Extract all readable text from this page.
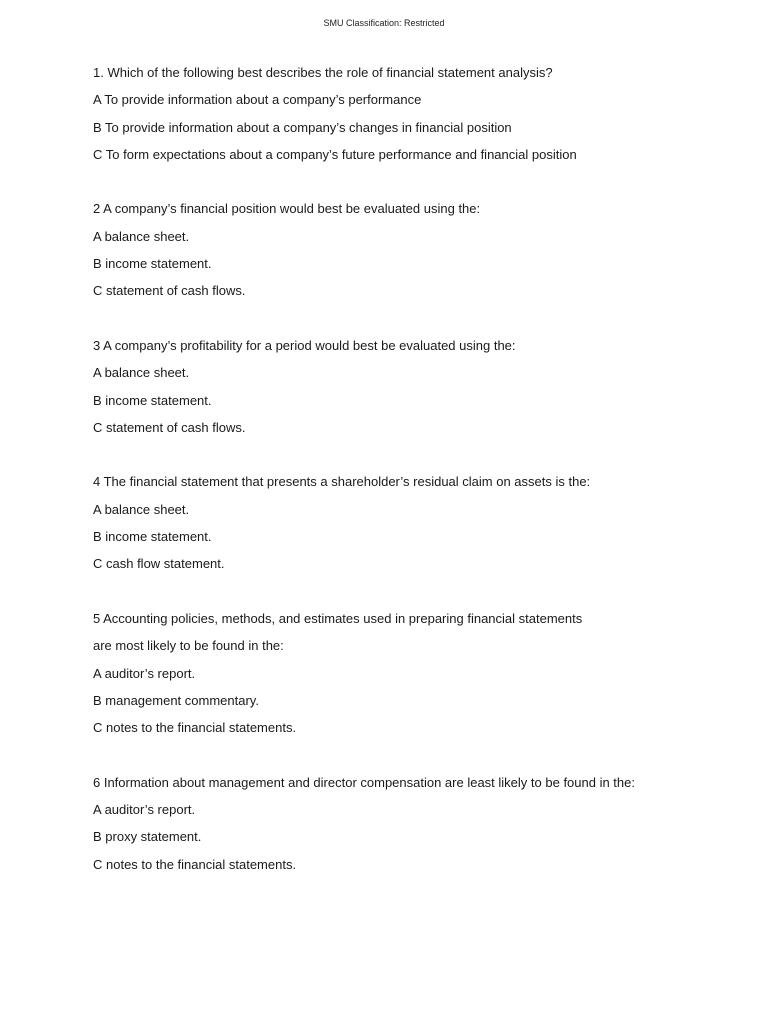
SMU Classification: Restricted
1. Which of the following best describes the role of financial statement analysis?
A To provide information about a company’s performance
B To provide information about a company’s changes in financial position
C To form expectations about a company’s future performance and financial position
2 A company’s financial position would best be evaluated using the:
A balance sheet.
B income statement.
C statement of cash flows.
3 A company’s profitability for a period would best be evaluated using the:
A balance sheet.
B income statement.
C statement of cash flows.
4 The financial statement that presents a shareholder’s residual claim on assets is the:
A balance sheet.
B income statement.
C cash flow statement.
5 Accounting policies, methods, and estimates used in preparing financial statements
are most likely to be found in the:
A auditor’s report.
B management commentary.
C notes to the financial statements.
6 Information about management and director compensation are least likely to be found in the:
A auditor’s report.
B proxy statement.
C notes to the financial statements.
